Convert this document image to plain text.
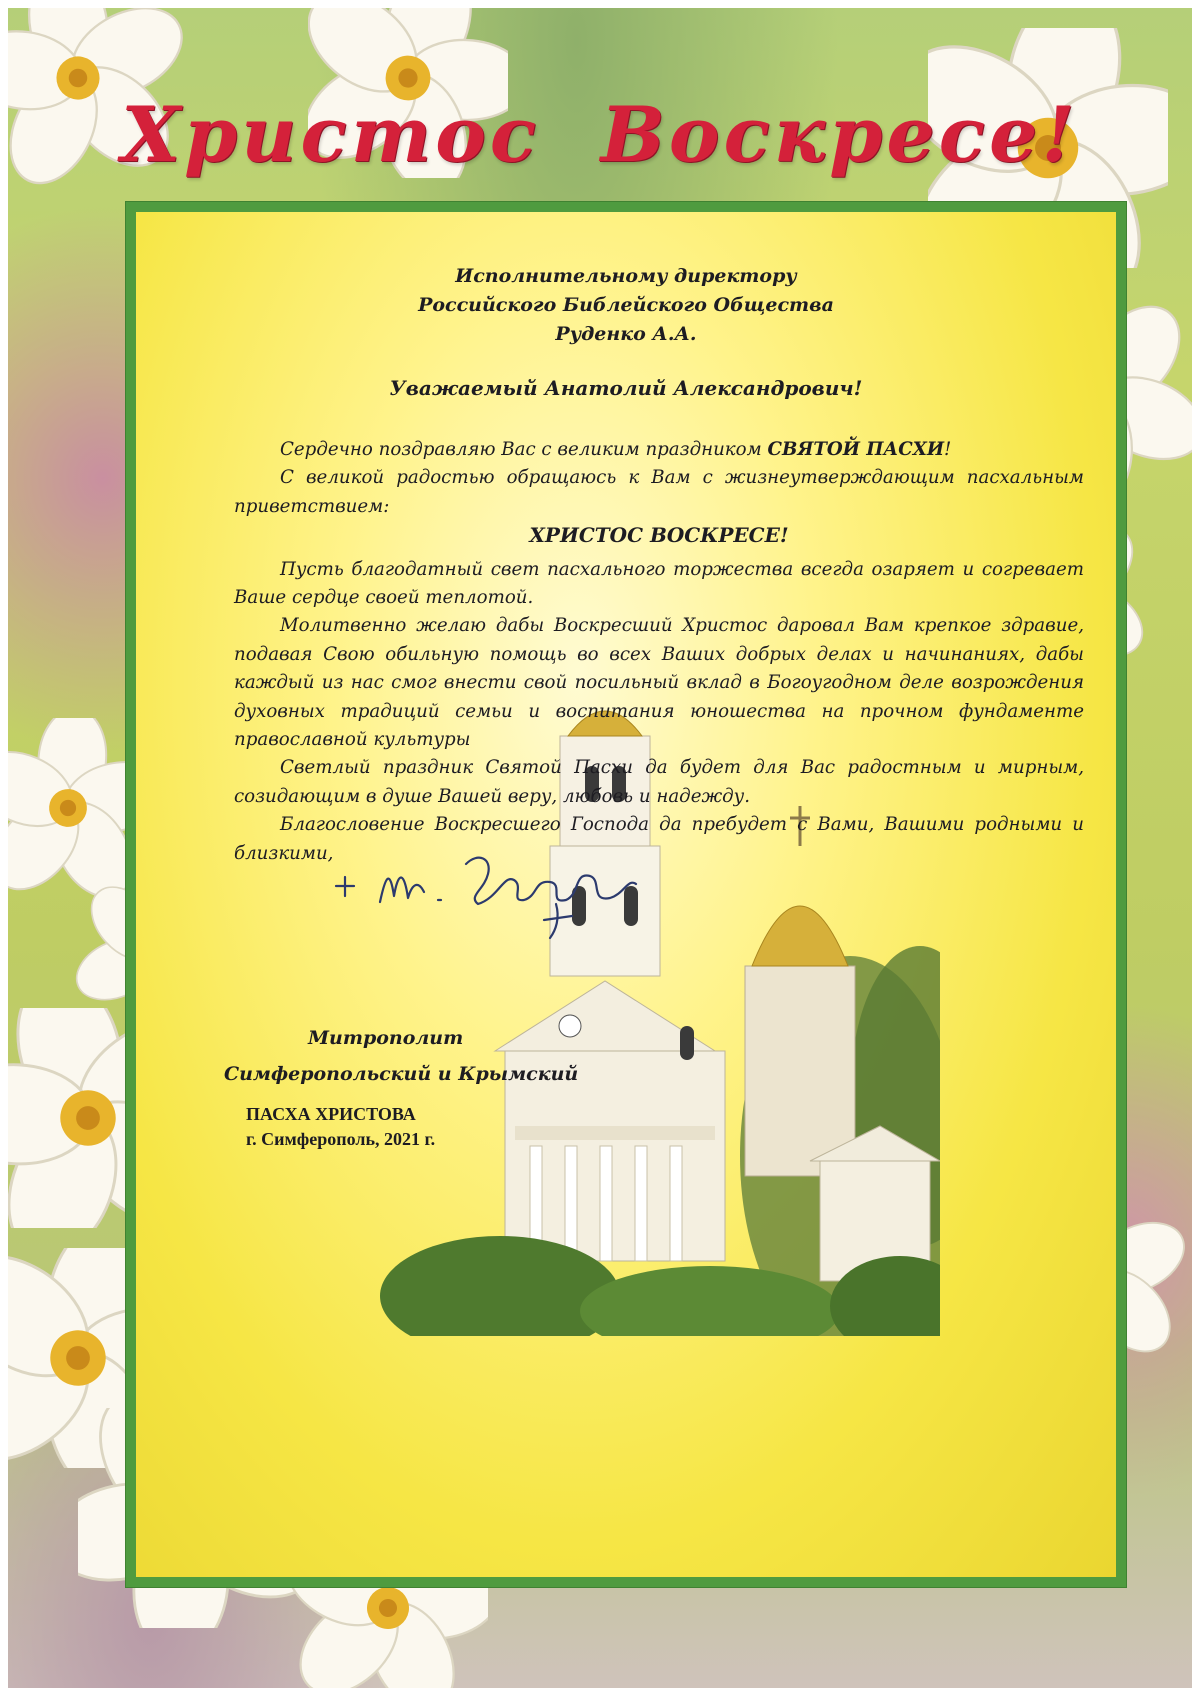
Христос Воскресе!
Исполнительному директору
Российского Библейского Общества
Руденко А.А.
Уважаемый Анатолий Александрович!

Сердечно поздравляю Вас с великим праздником СВЯТОЙ ПАСХИ!

С великой радостью обращаюсь к Вам с жизнеутверждающим пасхальным приветствием:

ХРИСТОС ВОСКРЕСЕ!

Пусть благодатный свет пасхального торжества всегда озаряет и согревает Ваше сердце своей теплотой.

Молитвенно желаю дабы Воскресший Христос даровал Вам крепкое здравие, подавая Свою обильную помощь во всех Ваших добрых делах и начинаниях, дабы каждый из нас смог внести свой посильный вклад в Богоугодном деле возрождения духовных традиций семьи и воспитания юношества на прочном фундаменте православной культуры

Светлый праздник Святой Пасхи да будет для Вас радостным и мирным, созидающим в душе Вашей веру, любовь и надежду.

Благословение Воскресшего Господа да пребудет с Вами, Вашими родными и близкими,

Митрополит
Симферопольский и Крымский
ПАСХА ХРИСТОВА
г. Симферополь, 2021 г.
